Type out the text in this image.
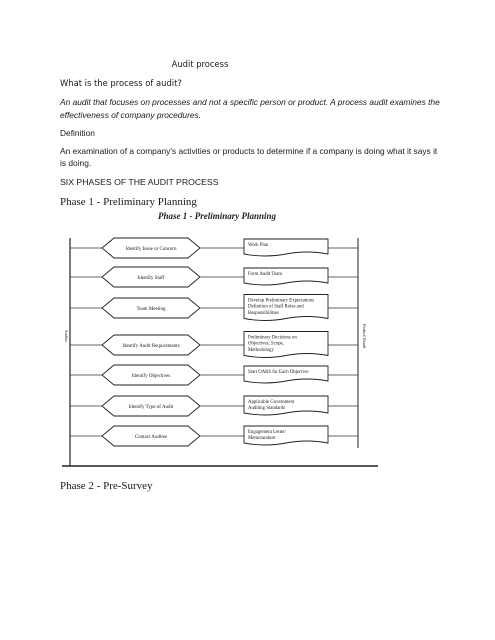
Audit process
What is the process of audit?
An audit that focuses on processes and not a specific person or product. A process audit examines the effectiveness of company procedures.
Definition
An examination of a company's activities or products to determine if a company is doing what it says it is doing.
SIX PHASES OF THE AUDIT PROCESS
Phase 1 - Preliminary Planning
Phase 1 - Preliminary Planning
Auditor	Product/ Result
Identify Issue or Concern
Work Plan
Identify Staff
Form Audit Team
Team Meeting
Develop Preliminary Expectations
Definition of Staff Roles and
Responsibilities
Identify Audit Requirements
Preliminary Decisions on
Objectives, Scope,
Methodology
Identify Objectives
Start OARS for Each Objective
Identify Type of Audit
Applicable Government
Auditing Standards
Contact Auditee
Engagement Letter/
Memorandum
Phase 2 - Pre-Survey
